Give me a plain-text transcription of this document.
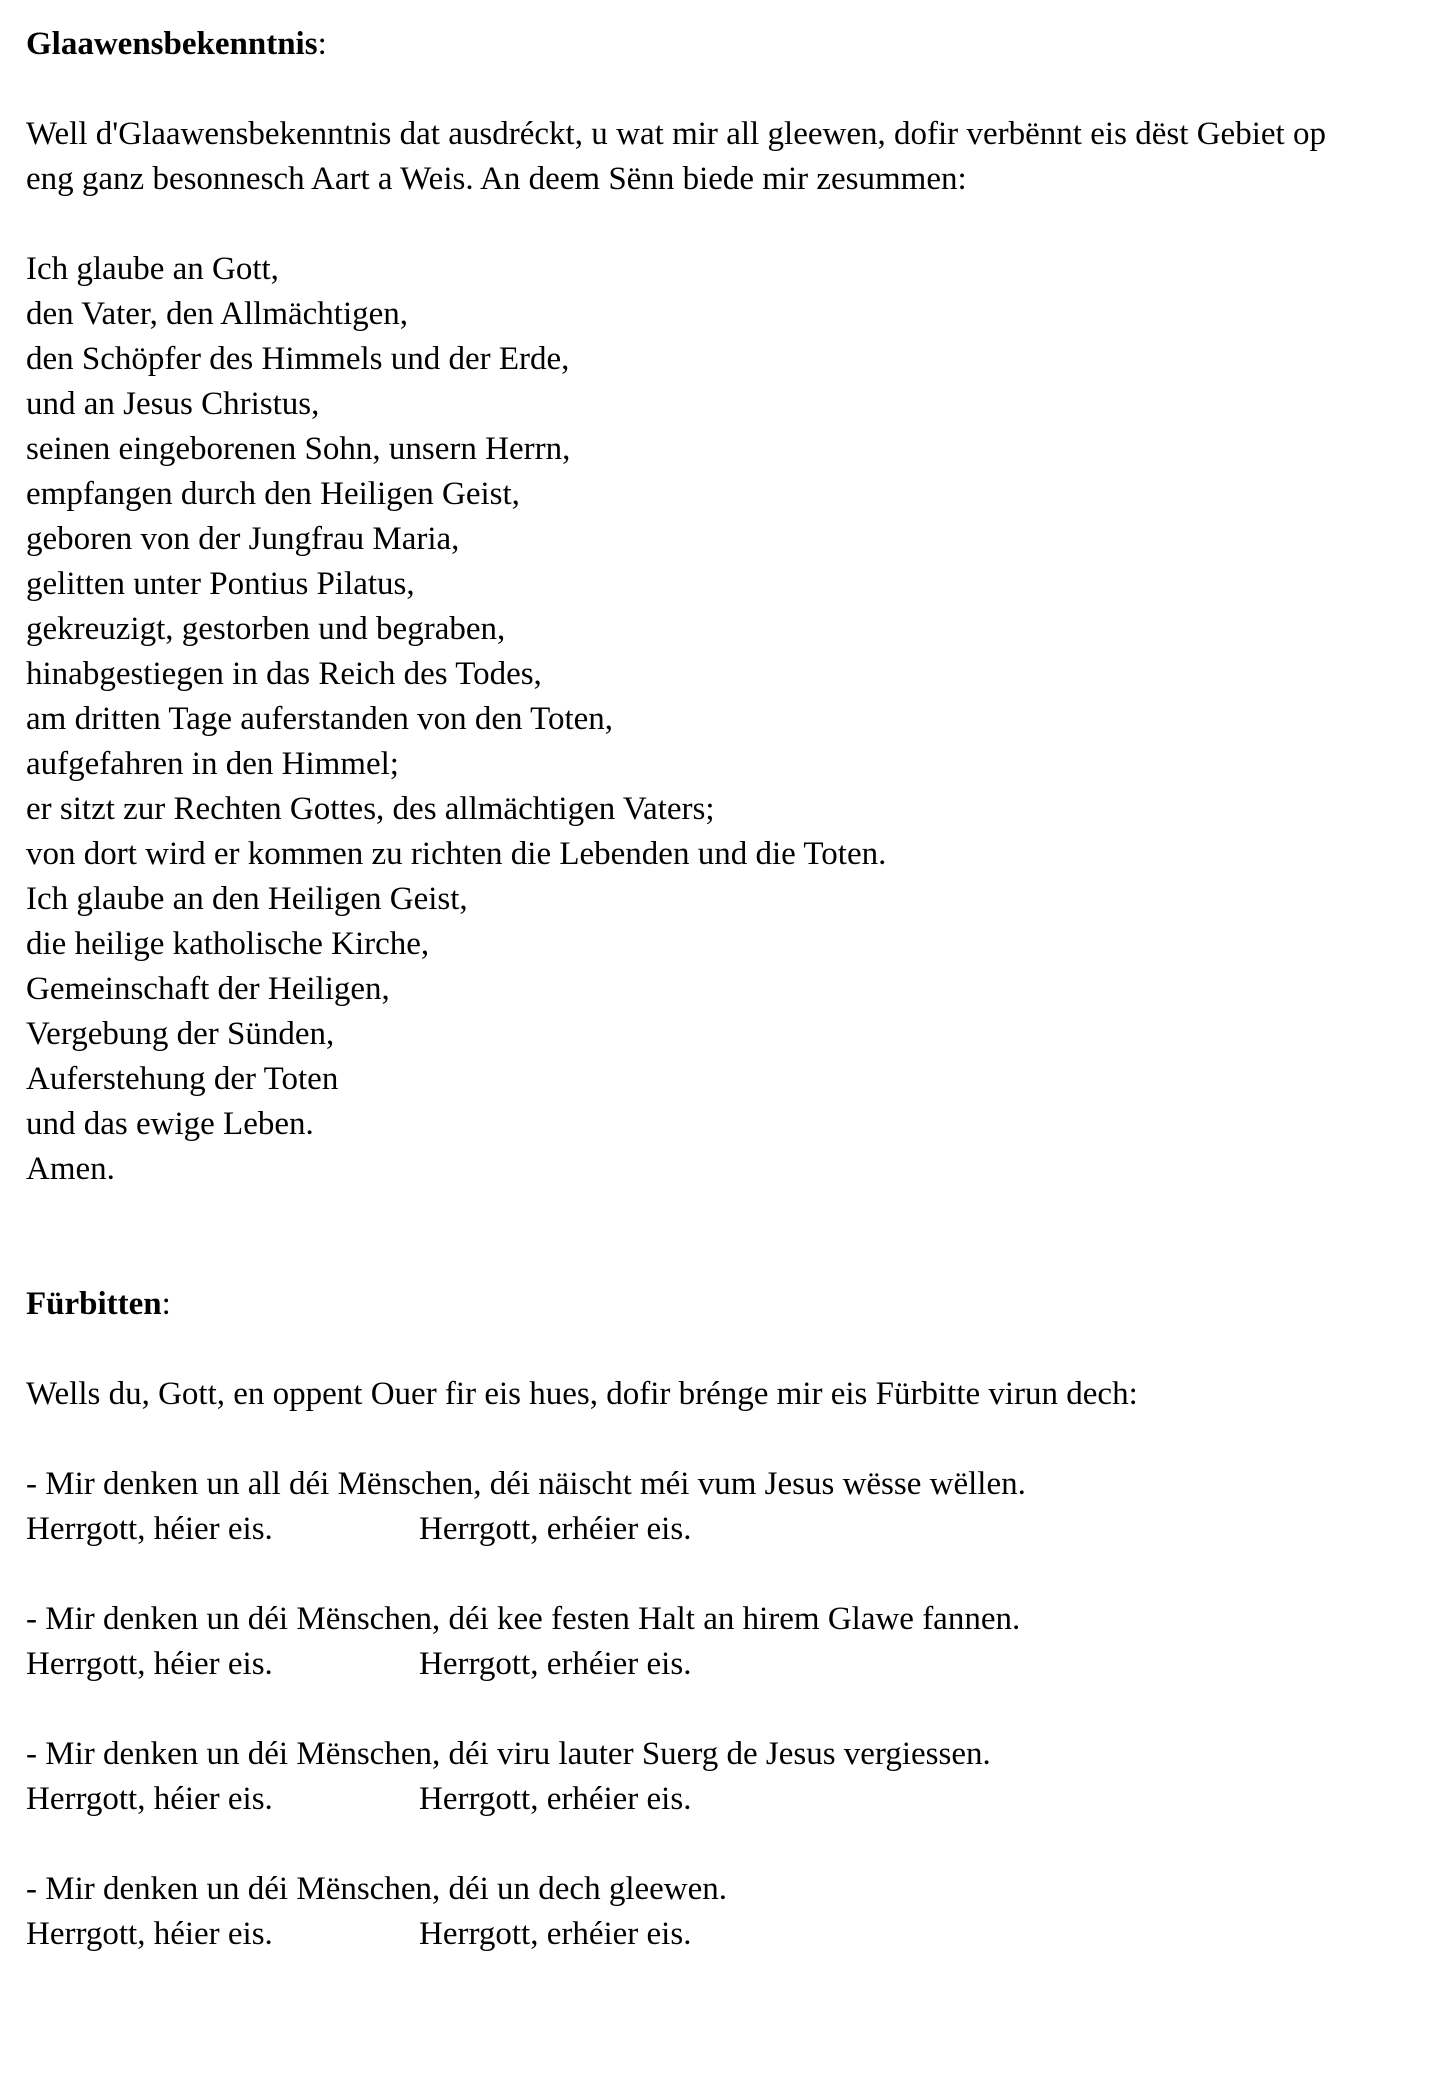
Glaawensbekenntnis:
Well d'Glaawensbekenntnis dat ausdréckt, u wat mir all gleewen, dofir verbënnt eis dëst Gebiet op eng ganz besonnesch Aart a Weis. An deem Sënn biede mir zesummen:
Ich glaube an Gott,
den Vater, den Allmächtigen,
den Schöpfer des Himmels und der Erde,
und an Jesus Christus,
seinen eingeborenen Sohn, unsern Herrn,
empfangen durch den Heiligen Geist,
geboren von der Jungfrau Maria,
gelitten unter Pontius Pilatus,
gekreuzigt, gestorben und begraben,
hinabgestiegen in das Reich des Todes,
am dritten Tage auferstanden von den Toten,
aufgefahren in den Himmel;
er sitzt zur Rechten Gottes, des allmächtigen Vaters;
von dort wird er kommen zu richten die Lebenden und die Toten.
Ich glaube an den Heiligen Geist,
die heilige katholische Kirche,
Gemeinschaft der Heiligen,
Vergebung der Sünden,
Auferstehung der Toten
und das ewige Leben.
Amen.
Fürbitten:
Wells du, Gott, en oppent Ouer fir eis hues, dofir brénge mir eis Fürbitte virun dech:
- Mir denken un all déi Mënschen, déi näischt méi vum Jesus wësse wëllen.
Herrgott, héier eis.	Herrgott, erhéier eis.
- Mir denken un déi Mënschen, déi kee festen Halt an hirem Glawe fannen.
Herrgott, héier eis.	Herrgott, erhéier eis.
- Mir denken un déi Mënschen, déi viru lauter Suerg de Jesus vergiessen.
Herrgott, héier eis.	Herrgott, erhéier eis.
- Mir denken un déi Mënschen, déi un dech gleewen.
Herrgott, héier eis.	Herrgott, erhéier eis.
